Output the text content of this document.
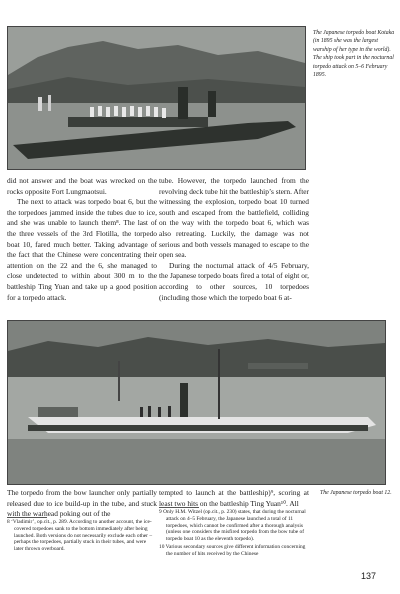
The Japanese torpedo boat Kotaka (in 1895 she was the largest warship of her type in the world). The ship took part in the nocturnal torpedo attack on 5–6 February 1895.

did not answer and the boat was wrecked on the rocks opposite Fort Lungmaotsui.

The next to attack was torpedo boat 6, but the the torpedoes jammed inside the tubes due to ice, and she was unable to launch them⁸. The last of the three vessels of the 3rd Flotilla, the torpedo boat 10, fared much better. Taking advantage of the fact that the Chinese were concentrating their attention on the 22 and the 6, she managed to close undetected to within about 300 m to the battleship Ting Yuan and take up a good position for a torpedo attack.

tube. However, the torpedo launched from the revolving deck tube hit the battleship’s stern. After witnessing the explosion, torpedo boat 10 turned south and escaped from the battlefield, colliding on the way with the torpedo boat 6, which was also retreating. Luckily, the damage was not serious and both vessels managed to escape to the open sea.

During the nocturnal attack of 4/5 February, the Japanese torpedo boats fired a total of eight or, according to other sources, 10 torpedoes (including those which the torpedo boat 6 at-

The Japanese torpedo boat 12.

The torpedo from the bow launcher only partially released due to ice build-up in the tube, and stuck with the warhead poking out of the

tempted to launch at the battleship)⁹, scoring at least two hits on the battleship Ting Yuan¹⁰. All

8 ‘Vladimir’, op.cit., p. 289. According to another account, the ice-covered torpedoes sank to the bottom immediately after being launched. Both versions do not necessarily exclude each other – perhaps the torpedoes, partially stuck in their tubes, and were later thrown overboard.

9 Only H.M. Witzel (op.cit., p. 230) states, that during the nocturnal attack on 4–5 February, the Japanese launched a total of 11 torpedoes, which cannot be confirmed after a thorough analysis (unless one considers the misfired torpedo from the bow tube of torpedo boat 10 as the eleventh torpedo).

10 Various secondary sources give different information concerning the number of hits received by the Chinese

137
